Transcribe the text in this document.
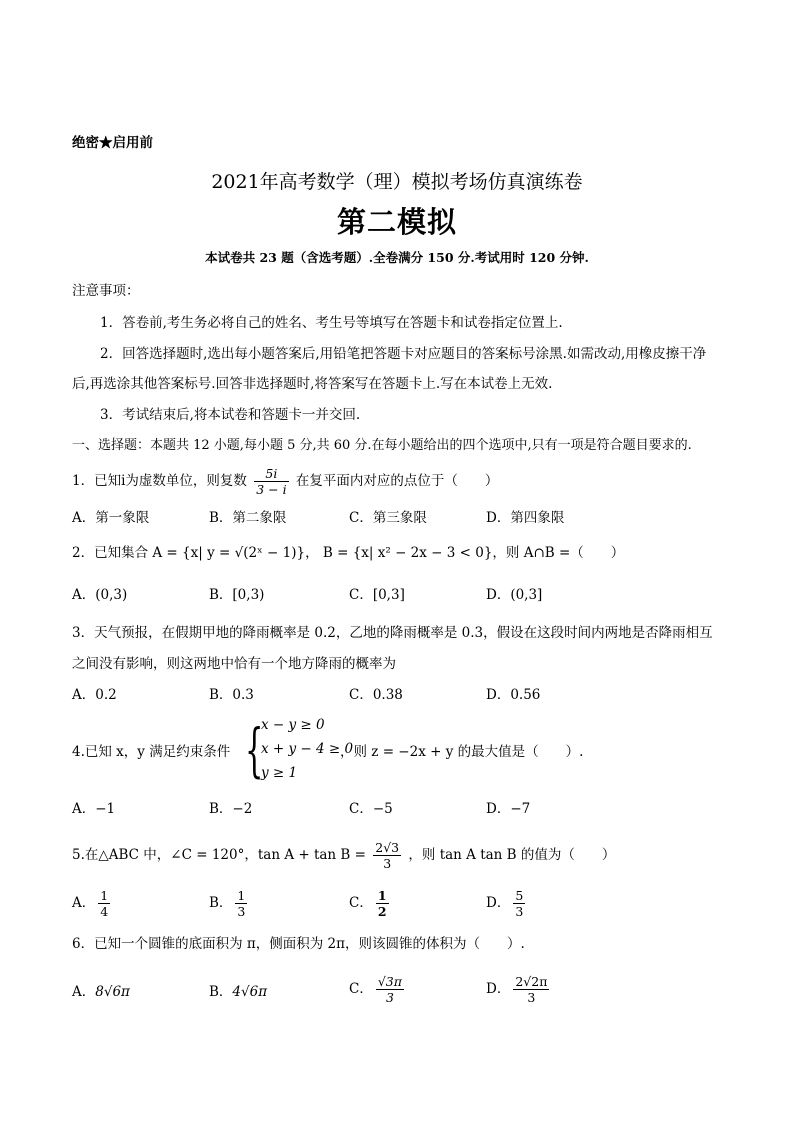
绝密★启用前
2021年高考数学（理）模拟考场仿真演练卷
第二模拟
本试卷共 23 题（含选考题）.全卷满分 150 分.考试用时 120 分钟.
注意事项：
1．答卷前,考生务必将自己的姓名、考生号等填写在答题卡和试卷指定位置上.
2．回答选择题时,选出每小题答案后,用铅笔把答题卡对应题目的答案标号涂黑.如需改动,用橡皮擦干净
后,再选涂其他答案标号.回答非选择题时,将答案写在答题卡上.写在本试卷上无效.
3．考试结束后,将本试卷和答题卡一并交回.
一、选择题：本题共 12 小题,每小题 5 分,共 60 分.在每小题给出的四个选项中,只有一项是符合题目要求的.
1．已知i为虚数单位，则复数 $\frac{5i}{3 - i}$ 在复平面内对应的点位于（　　）
A．第一象限	B．第二象限	C．第三象限	D．第四象限
2．已知集合 A = {x| y = √(2ˣ − 1)}， B = {x| x² − 2x − 3 < 0}，则 A∩B =（　　）
A．(0,3)	B．[0,3)	C．[0,3]	D．(0,3]
3．天气预报，在假期甲地的降雨概率是 0.2，乙地的降雨概率是 0.3，假设在这段时间内两地是否降雨相互
之间没有影响，则这两地中恰有一个地方降雨的概率为
A．0.2	B．0.3	C．0.38	D．0.56
4.已知 x，y 满足约束条件 {
x − y ≥ 0
x + y − 4 ≥ 0
y ≥ 1
，则 z = −2x + y 的最大值是（　　）.
A．−1	B．−2	C．−5	D．−7
5.在△ABC 中，∠C = 120°，$\tan A + \tan B = \frac{2√3}{3}$ ，则 tan A tan B 的值为（　　）
A． $\frac{1}{4}$	B． $\frac{1}{3}$	C． $\frac{1}{2}$	D． $\frac{5}{3}$
6．已知一个圆锥的底面积为 π，侧面积为 2π，则该圆锥的体积为（　　）.
A．8√6π	B．4√6π	C． $\frac{√3\pi}{3}$	D． $\frac{2√2\pi}{3}$
